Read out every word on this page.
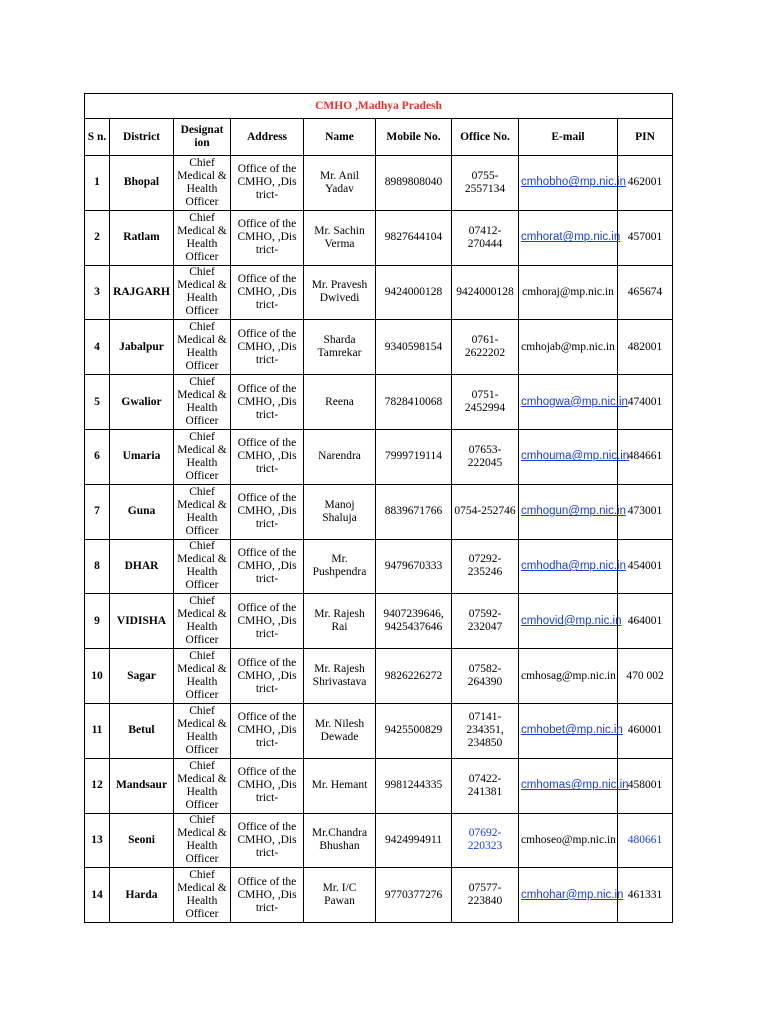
CMHO ,Madhya Pradesh								
S n.	District	Designat ion	Address	Name	Mobile No.	Office No.	E-mail	PIN
1	Bhopal	Chief Medical & Health Officer	Office of the CMHO, ,Dis trict-	Mr. Anil Yadav	8989808040	0755-2557134	cmhobho@mp.nic.in	462001
2	Ratlam	Chief Medical & Health Officer	Office of the CMHO, ,Dis trict-	Mr. Sachin Verma	9827644104	07412-270444	cmhorat@mp.nic.in	457001
3	RAJGARH	Chief Medical & Health Officer	Office of the CMHO, ,Dis trict-	Mr. Pravesh Dwivedi	9424000128	9424000128	cmhoraj@mp.nic.in	465674
4	Jabalpur	Chief Medical & Health Officer	Office of the CMHO, ,Dis trict-	Sharda Tamrekar	9340598154	0761-2622202	cmhojab@mp.nic.in	482001
5	Gwalior	Chief Medical & Health Officer	Office of the CMHO, ,Dis trict-	Reena	7828410068	0751-2452994	cmhogwa@mp.nic.in	474001
6	Umaria	Chief Medical & Health Officer	Office of the CMHO, ,Dis trict-	Narendra	7999719114	07653-222045	cmhouma@mp.nic.in	484661
7	Guna	Chief Medical & Health Officer	Office of the CMHO, ,Dis trict-	Manoj Shaluja	8839671766	0754-252746	cmhogun@mp.nic.in	473001
8	DHAR	Chief Medical & Health Officer	Office of the CMHO, ,Dis trict-	Mr. Pushpendra	9479670333	07292-235246	cmhodha@mp.nic.in	454001
9	VIDISHA	Chief Medical & Health Officer	Office of the CMHO, ,Dis trict-	Mr. Rajesh Rai	9407239646, 9425437646	07592-232047	cmhovid@mp.nic.in	464001
10	Sagar	Chief Medical & Health Officer	Office of the CMHO, ,Dis trict-	Mr. Rajesh Shrivastava	9826226272	07582-264390	cmhosag@mp.nic.in	470 002
11	Betul	Chief Medical & Health Officer	Office of the CMHO, ,Dis trict-	Mr. Nilesh Dewade	9425500829	07141-234351, 234850	cmhobet@mp.nic.in	460001
12	Mandsaur	Chief Medical & Health Officer	Office of the CMHO, ,Dis trict-	Mr. Hemant	9981244335	07422-241381	cmhomas@mp.nic.in	458001
13	Seoni	Chief Medical & Health Officer	Office of the CMHO, ,Dis trict-	Mr.Chandra Bhushan	9424994911	07692-220323	cmhoseo@mp.nic.in	480661
14	Harda	Chief Medical & Health Officer	Office of the CMHO, ,Dis trict-	Mr. I/C Pawan	9770377276	07577-223840	cmhohar@mp.nic.in	461331
